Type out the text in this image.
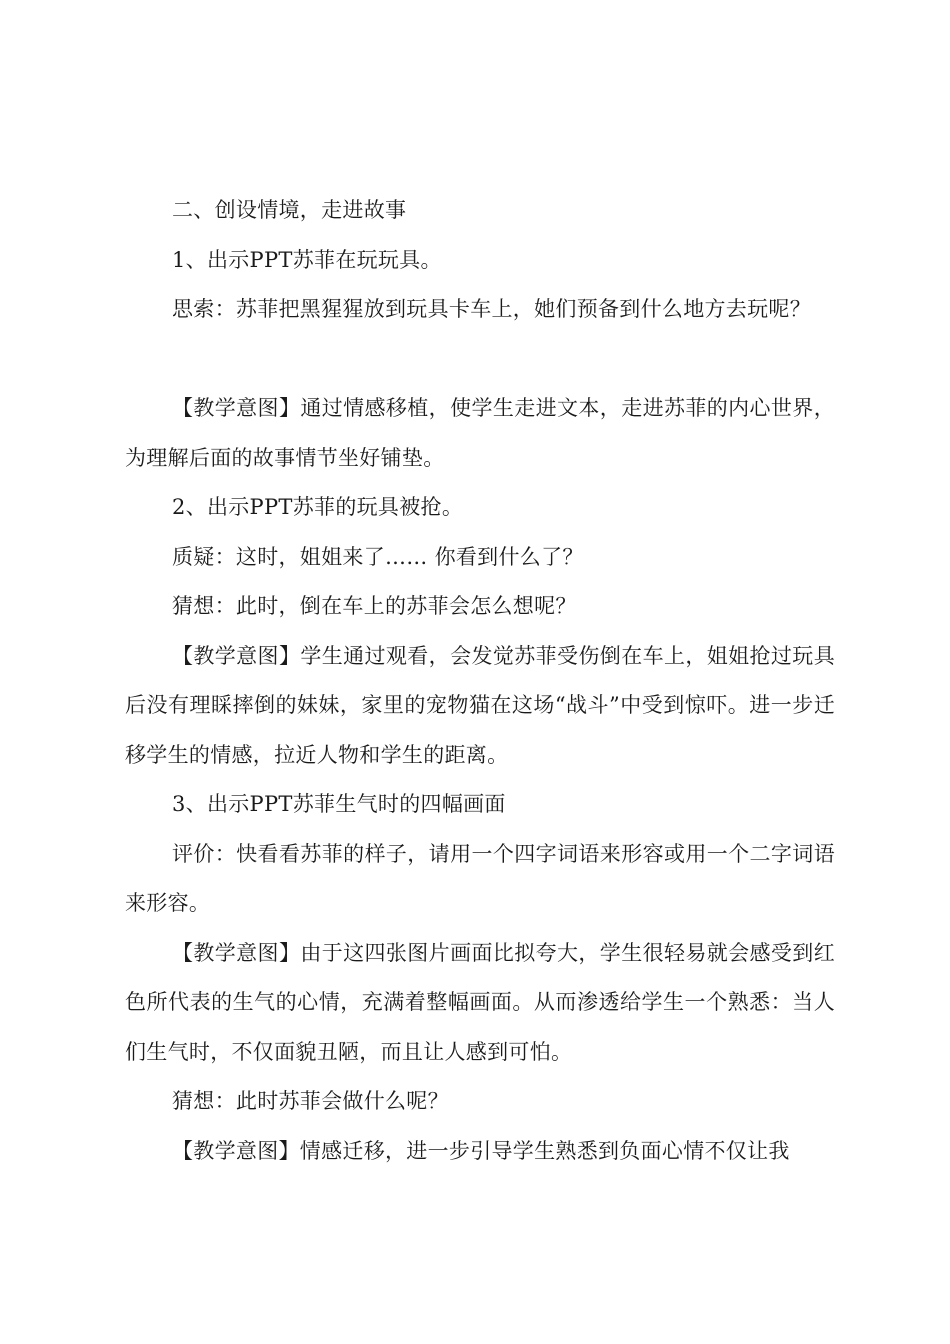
二、创设情境，走进故事

1、出示PPT苏菲在玩玩具。

思索：苏菲把黑猩猩放到玩具卡车上，她们预备到什么地方去玩呢？

【教学意图】通过情感移植，使学生走进文本，走进苏菲的内心世界，为理解后面的故事情节坐好铺垫。

2、出示PPT苏菲的玩具被抢。

质疑：这时，姐姐来了…… 你看到什么了？

猜想：此时，倒在车上的苏菲会怎么想呢？

【教学意图】学生通过观看，会发觉苏菲受伤倒在车上，姐姐抢过玩具后没有理睬摔倒的妹妹，家里的宠物猫在这场“战斗”中受到惊吓。进一步迁移学生的情感，拉近人物和学生的距离。

3、出示PPT苏菲生气时的四幅画面

评价：快看看苏菲的样子，请用一个四字词语来形容或用一个二字词语来形容。

【教学意图】由于这四张图片画面比拟夸大，学生很轻易就会感受到红色所代表的生气的心情，充满着整幅画面。从而渗透给学生一个熟悉：当人们生气时，不仅面貌丑陋，而且让人感到可怕。

猜想：此时苏菲会做什么呢？

【教学意图】情感迁移，进一步引导学生熟悉到负面心情不仅让我
